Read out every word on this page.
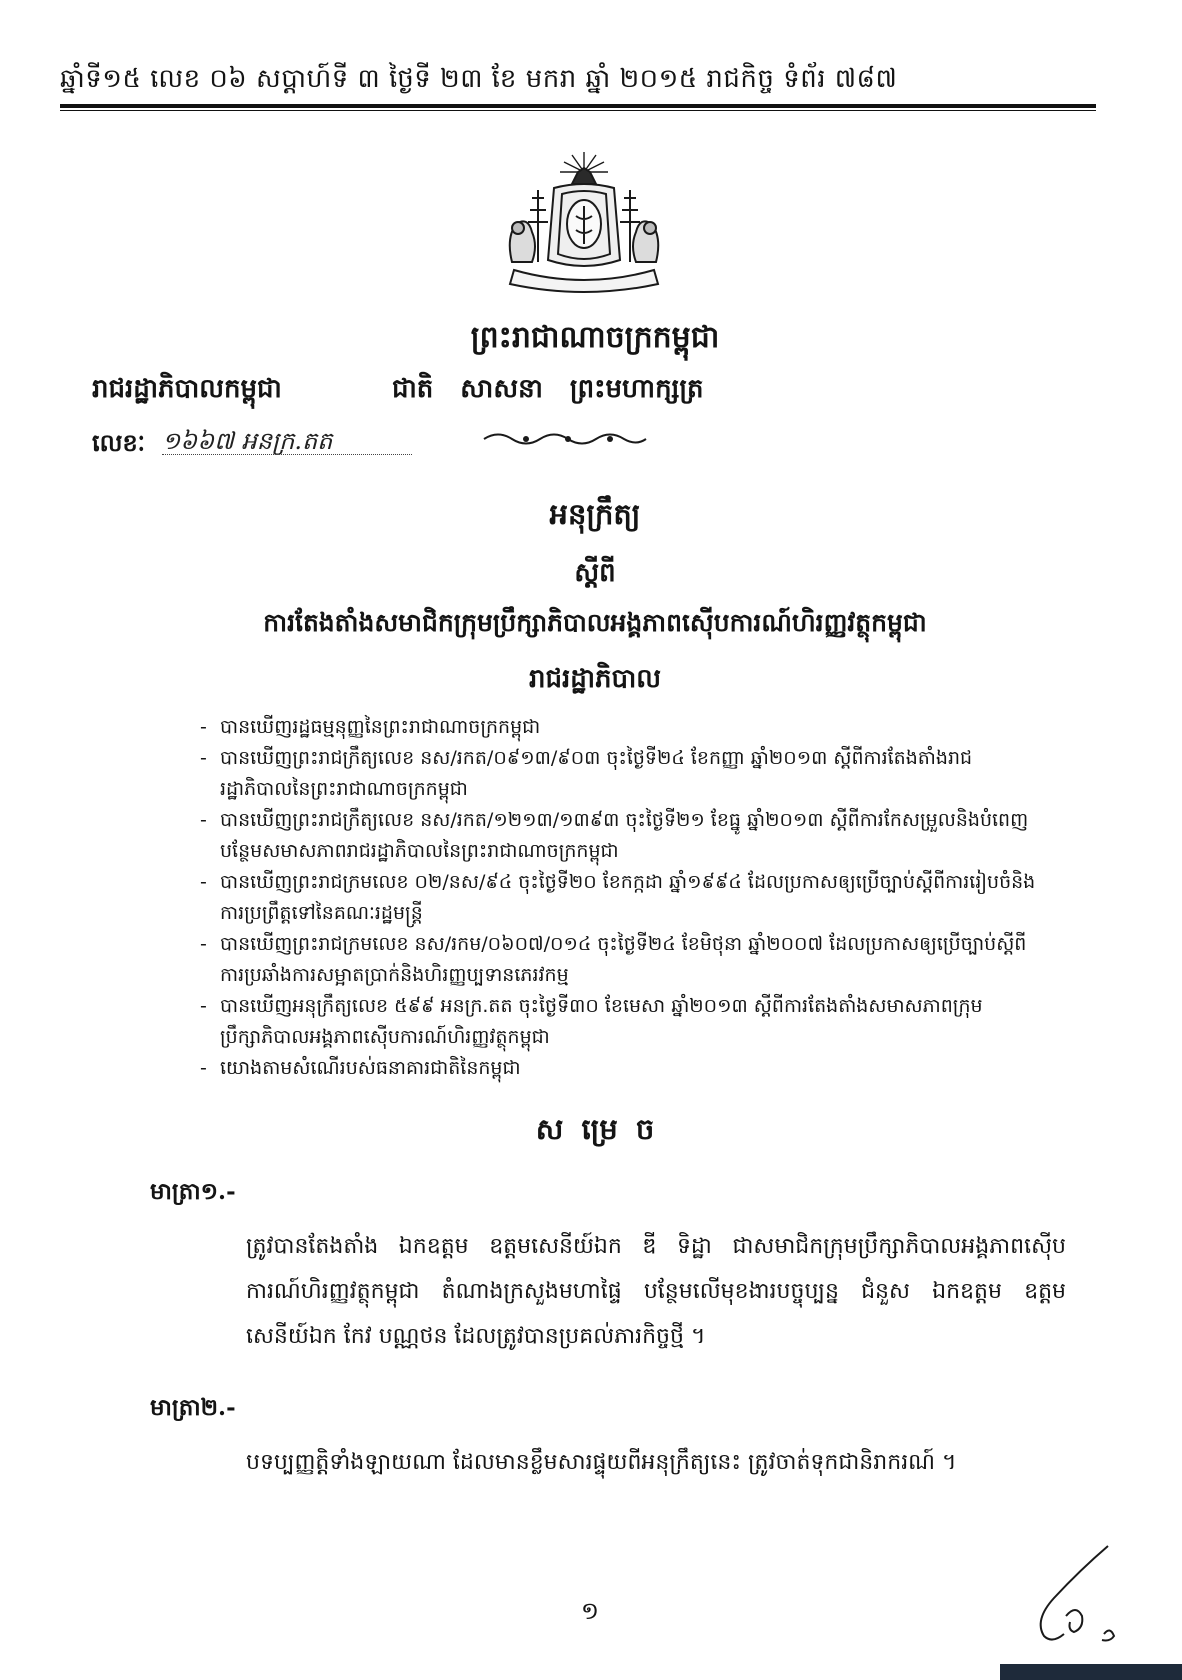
ឆ្នាំទី១៥ លេខ ០៦ សប្ដាហ៍ទី ៣ ថ្ងៃទី ២៣ ខែ មករា ឆ្នាំ ២០១៥ រាជកិច្ច ទំព័រ ៧៨៧
ព្រះរាជាណាចក្រកម្ពុជា
រាជរដ្ឋាភិបាលកម្ពុជា	ជាតិ សាសនា ព្រះមហាក្សត្រ
លេខៈ ១៦៦៧ អនក្រ.តត
អនុក្រឹត្យ
ស្តីពី
ការតែងតាំងសមាជិកក្រុមប្រឹក្សាភិបាលអង្គភាពស៊ើបការណ៍ហិរញ្ញវត្ថុកម្ពុជា
រាជរដ្ឋាភិបាល
- បានឃើញរដ្ឋធម្មនុញ្ញនៃព្រះរាជាណាចក្រកម្ពុជា
- បានឃើញព្រះរាជក្រឹត្យលេខ នស/រកត/០៩១៣/៩០៣ ចុះថ្ងៃទី២៤ ខែកញ្ញា ឆ្នាំ២០១៣ ស្តីពីការតែងតាំងរាជរដ្ឋាភិបាលនៃព្រះរាជាណាចក្រកម្ពុជា
- បានឃើញព្រះរាជក្រឹត្យលេខ នស/រកត/១២១៣/១៣៩៣ ចុះថ្ងៃទី២១ ខែធ្នូ ឆ្នាំ២០១៣ ស្តីពីការកែសម្រួលនិងបំពេញបន្ថែមសមាសភាពរាជរដ្ឋាភិបាលនៃព្រះរាជាណាចក្រកម្ពុជា
- បានឃើញព្រះរាជក្រមលេខ ០២/នស/៩៤ ចុះថ្ងៃទី២០ ខែកក្កដា ឆ្នាំ១៩៩៤ ដែលប្រកាសឲ្យប្រើច្បាប់ស្តីពីការរៀបចំនិងការប្រព្រឹត្តទៅនៃគណៈរដ្ឋមន្ត្រី
- បានឃើញព្រះរាជក្រមលេខ នស/រកម/០៦០៧/០១៤ ចុះថ្ងៃទី២៤ ខែមិថុនា ឆ្នាំ២០០៧ ដែលប្រកាសឲ្យប្រើច្បាប់ស្តីពីការប្រឆាំងការសម្អាតប្រាក់និងហិរញ្ញប្បទានភេរវកម្ម
- បានឃើញអនុក្រឹត្យលេខ ៥៩៩ អនក្រ.តត ចុះថ្ងៃទី៣០ ខែមេសា ឆ្នាំ២០១៣ ស្តីពីការតែងតាំងសមាសភាពក្រុមប្រឹក្សាភិបាលអង្គភាពស៊ើបការណ៍ហិរញ្ញវត្ថុកម្ពុជា
- យោងតាមសំណើរបស់ធនាគារជាតិនៃកម្ពុជា
ស ម្រេ ច
មាត្រា១.-
ត្រូវបានតែងតាំង ឯកឧត្តម ឧត្តមសេនីយ៍ឯក ឌី ទិដ្ឋា ជាសមាជិកក្រុមប្រឹក្សាភិបាលអង្គភាពស៊ើបការណ៍ហិរញ្ញវត្ថុកម្ពុជា តំណាងក្រសួងមហាផ្ទៃ បន្ថែមលើមុខងារបច្ចុប្បន្ន ជំនួស ឯកឧត្តម ឧត្តមសេនីយ៍ឯក កែវ បណ្ណថន ដែលត្រូវបានប្រគល់ភារកិច្ចថ្មី ។
មាត្រា២.-
បទប្បញ្ញត្តិទាំងឡាយណា ដែលមានខ្លឹមសារផ្ទុយពីអនុក្រឹត្យនេះ ត្រូវចាត់ទុកជានិរាករណ៍ ។
១
